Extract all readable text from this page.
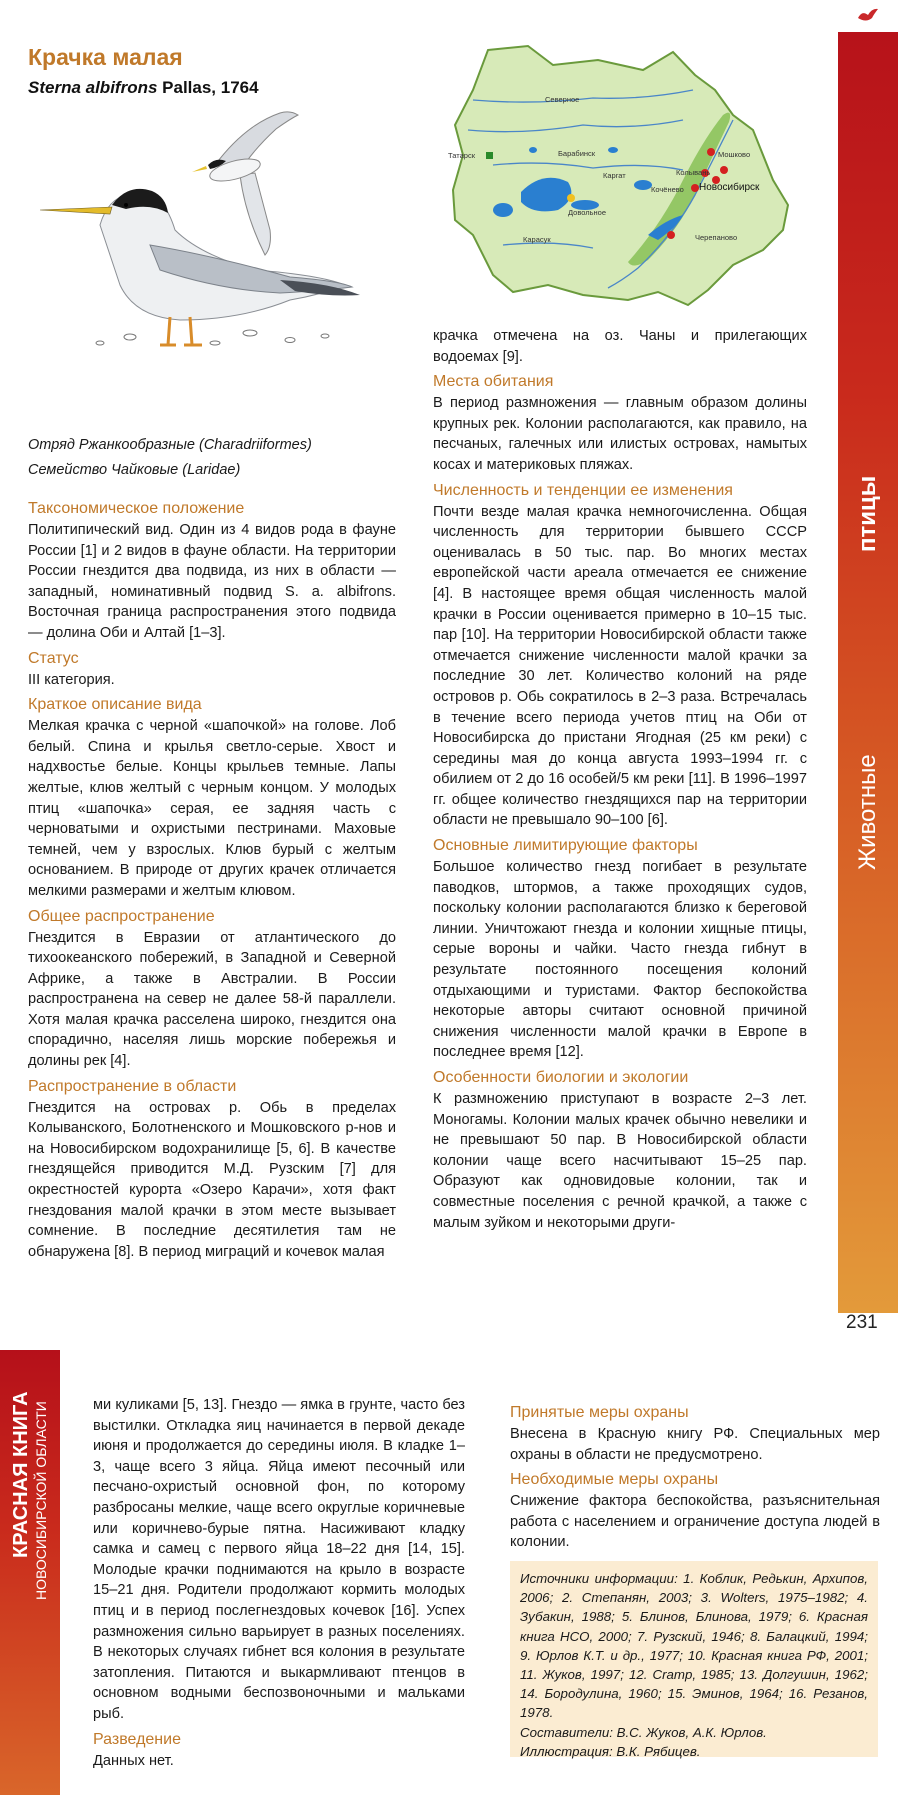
птицы
Животные
Крачка малая
Sterna albifrons Pallas, 1764
Отряд Ржанкообразные (Charadriiformes)
Семейство Чайковые (Laridae)
Таксономическое положение

Политипический вид. Один из 4 видов рода в фауне России [1] и 2 видов в фауне области. На территории России гнездится два подвида, из них в области — западный, номинативный подвид S. a. albifrons. Восточная граница распространения этого подвида — долина Оби и Алтай [1–3].

Статус

III категория.

Краткое описание вида

Мелкая крачка с черной «шапочкой» на голове. Лоб белый. Спина и крылья светло-серые. Хвост и надхвостье белые. Концы крыльев темные. Лапы желтые, клюв желтый с черным концом. У молодых птиц «шапочка» серая, ее задняя часть с черноватыми и охристыми пестринами. Маховые темней, чем у взрослых. Клюв бурый с желтым основанием. В природе от других крачек отличается мелкими размерами и желтым клювом.

Общее распространение

Гнездится в Евразии от атлантического до тихоокеанского побережий, в Западной и Северной Африке, а также в Австралии. В России распространена на север не далее 58-й параллели. Хотя малая крачка расселена широко, гнездится она спорадично, населяя лишь морские побережья и долины рек [4].

Распространение в области

Гнездится на островах р. Обь в пределах Колыванского, Болотненского и Мошковского р-нов и на Новосибирском водохранилище [5, 6]. В качестве гнездящейся приводится М.Д. Рузским [7] для окрестностей курорта «Озеро Карачи», хотя факт гнездования малой крачки в этом месте вызывает сомнение. В последние десятилетия там не обнаружена [8]. В период миграций и кочевок малая

Северное
Барабинск
Татарск
Каргат
Довольное
Карасук
Мошково
Колывань
Кочёнево Новосибирск
Черепаново

крачка отмечена на оз. Чаны и прилегающих водоемах [9].

Места обитания

В период размножения — главным образом долины крупных рек. Колонии располагаются, как правило, на песчаных, галечных или илистых островах, намытых косах и материковых пляжах.

Численность и тенденции ее изменения

Почти везде малая крачка немногочисленна. Общая численность для территории бывшего СССР оценивалась в 50 тыс. пар. Во многих местах европейской части ареала отмечается ее снижение [4]. В настоящее время общая численность малой крачки в России оценивается примерно в 10–15 тыс. пар [10]. На территории Новосибирской области также отмечается снижение численности малой крачки за последние 30 лет. Количество колоний на ряде островов р. Обь сократилось в 2–3 раза. Встречалась в течение всего периода учетов птиц на Оби от Новосибирска до пристани Ягодная (25 км реки) с середины мая до конца августа 1993–1994 гг. с обилием от 2 до 16 особей/5 км реки [11]. В 1996–1997 гг. общее количество гнездящихся пар на территории области не превышало 90–100 [6].

Основные лимитирующие факторы

Большое количество гнезд погибает в результате паводков, штормов, а также проходящих судов, поскольку колонии располагаются близко к береговой линии. Уничтожают гнезда и колонии хищные птицы, серые вороны и чайки. Часто гнезда гибнут в результате постоянного посещения колоний отдыхающими и туристами. Фактор беспокойства некоторые авторы считают основной причиной снижения численности малой крачки в Европе в последнее время [12].

Особенности биологии и экологии

К размножению приступают в возрасте 2–3 лет. Моногамы. Колонии малых крачек обычно невелики и не превышают 50 пар. В Новосибирской области колонии чаще всего насчитывают 15–25 пар. Образуют как одновидовые колонии, так и совместные поселения с речной крачкой, а также с малым зуйком и некоторыми други-

231
КРАСНАЯ КНИГА НОВОСИБИРСКОЙ ОБЛАСТИ	ми куликами [5, 13]. Гнездо — ямка в грунте, часто без выстилки. Откладка яиц начинается в первой декаде июня и продолжается до середины июля. В кладке 1–3, чаще всего 3 яйца. Яйца имеют песочный или песчано-охристый основной фон, по которому разбросаны мелкие, чаще всего округлые коричневые или коричнево-бурые пятна. Насиживают кладку самка и самец с первого яйца 18–22 дня [14, 15]. Молодые крачки поднимаются на крыло в возрасте 15–21 дня. Родители продолжают кормить молодых птиц и в период послегнездовых кочевок [16]. Успех размножения сильно варьирует в разных поселениях. В некоторых случаях гибнет вся колония в результате затопления. Питаются и выкармливают птенцов в основном водными беспозвоночными и мальками рыб.

Разведение

Данных нет.

Принятые меры охраны

Внесена в Красную книгу РФ. Специальных мер охраны в области не предусмотрено.

Необходимые меры охраны

Снижение фактора беспокойства, разъяснительная работа с населением и ограничение доступа людей в колонии.

Источники информации: 1. Коблик, Редькин, Архипов, 2006; 2. Степанян, 2003; 3. Wolters, 1975–1982; 4. Зубакин, 1988; 5. Блинов, Блинова, 1979; 6. Красная книга НСО, 2000; 7. Рузский, 1946; 8. Балацкий, 1994; 9. Юрлов К.Т. и др., 1977; 10. Красная книга РФ, 2001; 11. Жуков, 1997; 12. Cramp, 1985; 13. Долгушин, 1962; 14. Бородулина, 1960; 15. Эминов, 1964; 16. Резанов, 1978.

Составители: В.С. Жуков, А.К. Юрлов.

Иллюстрация: В.К. Рябицев.
